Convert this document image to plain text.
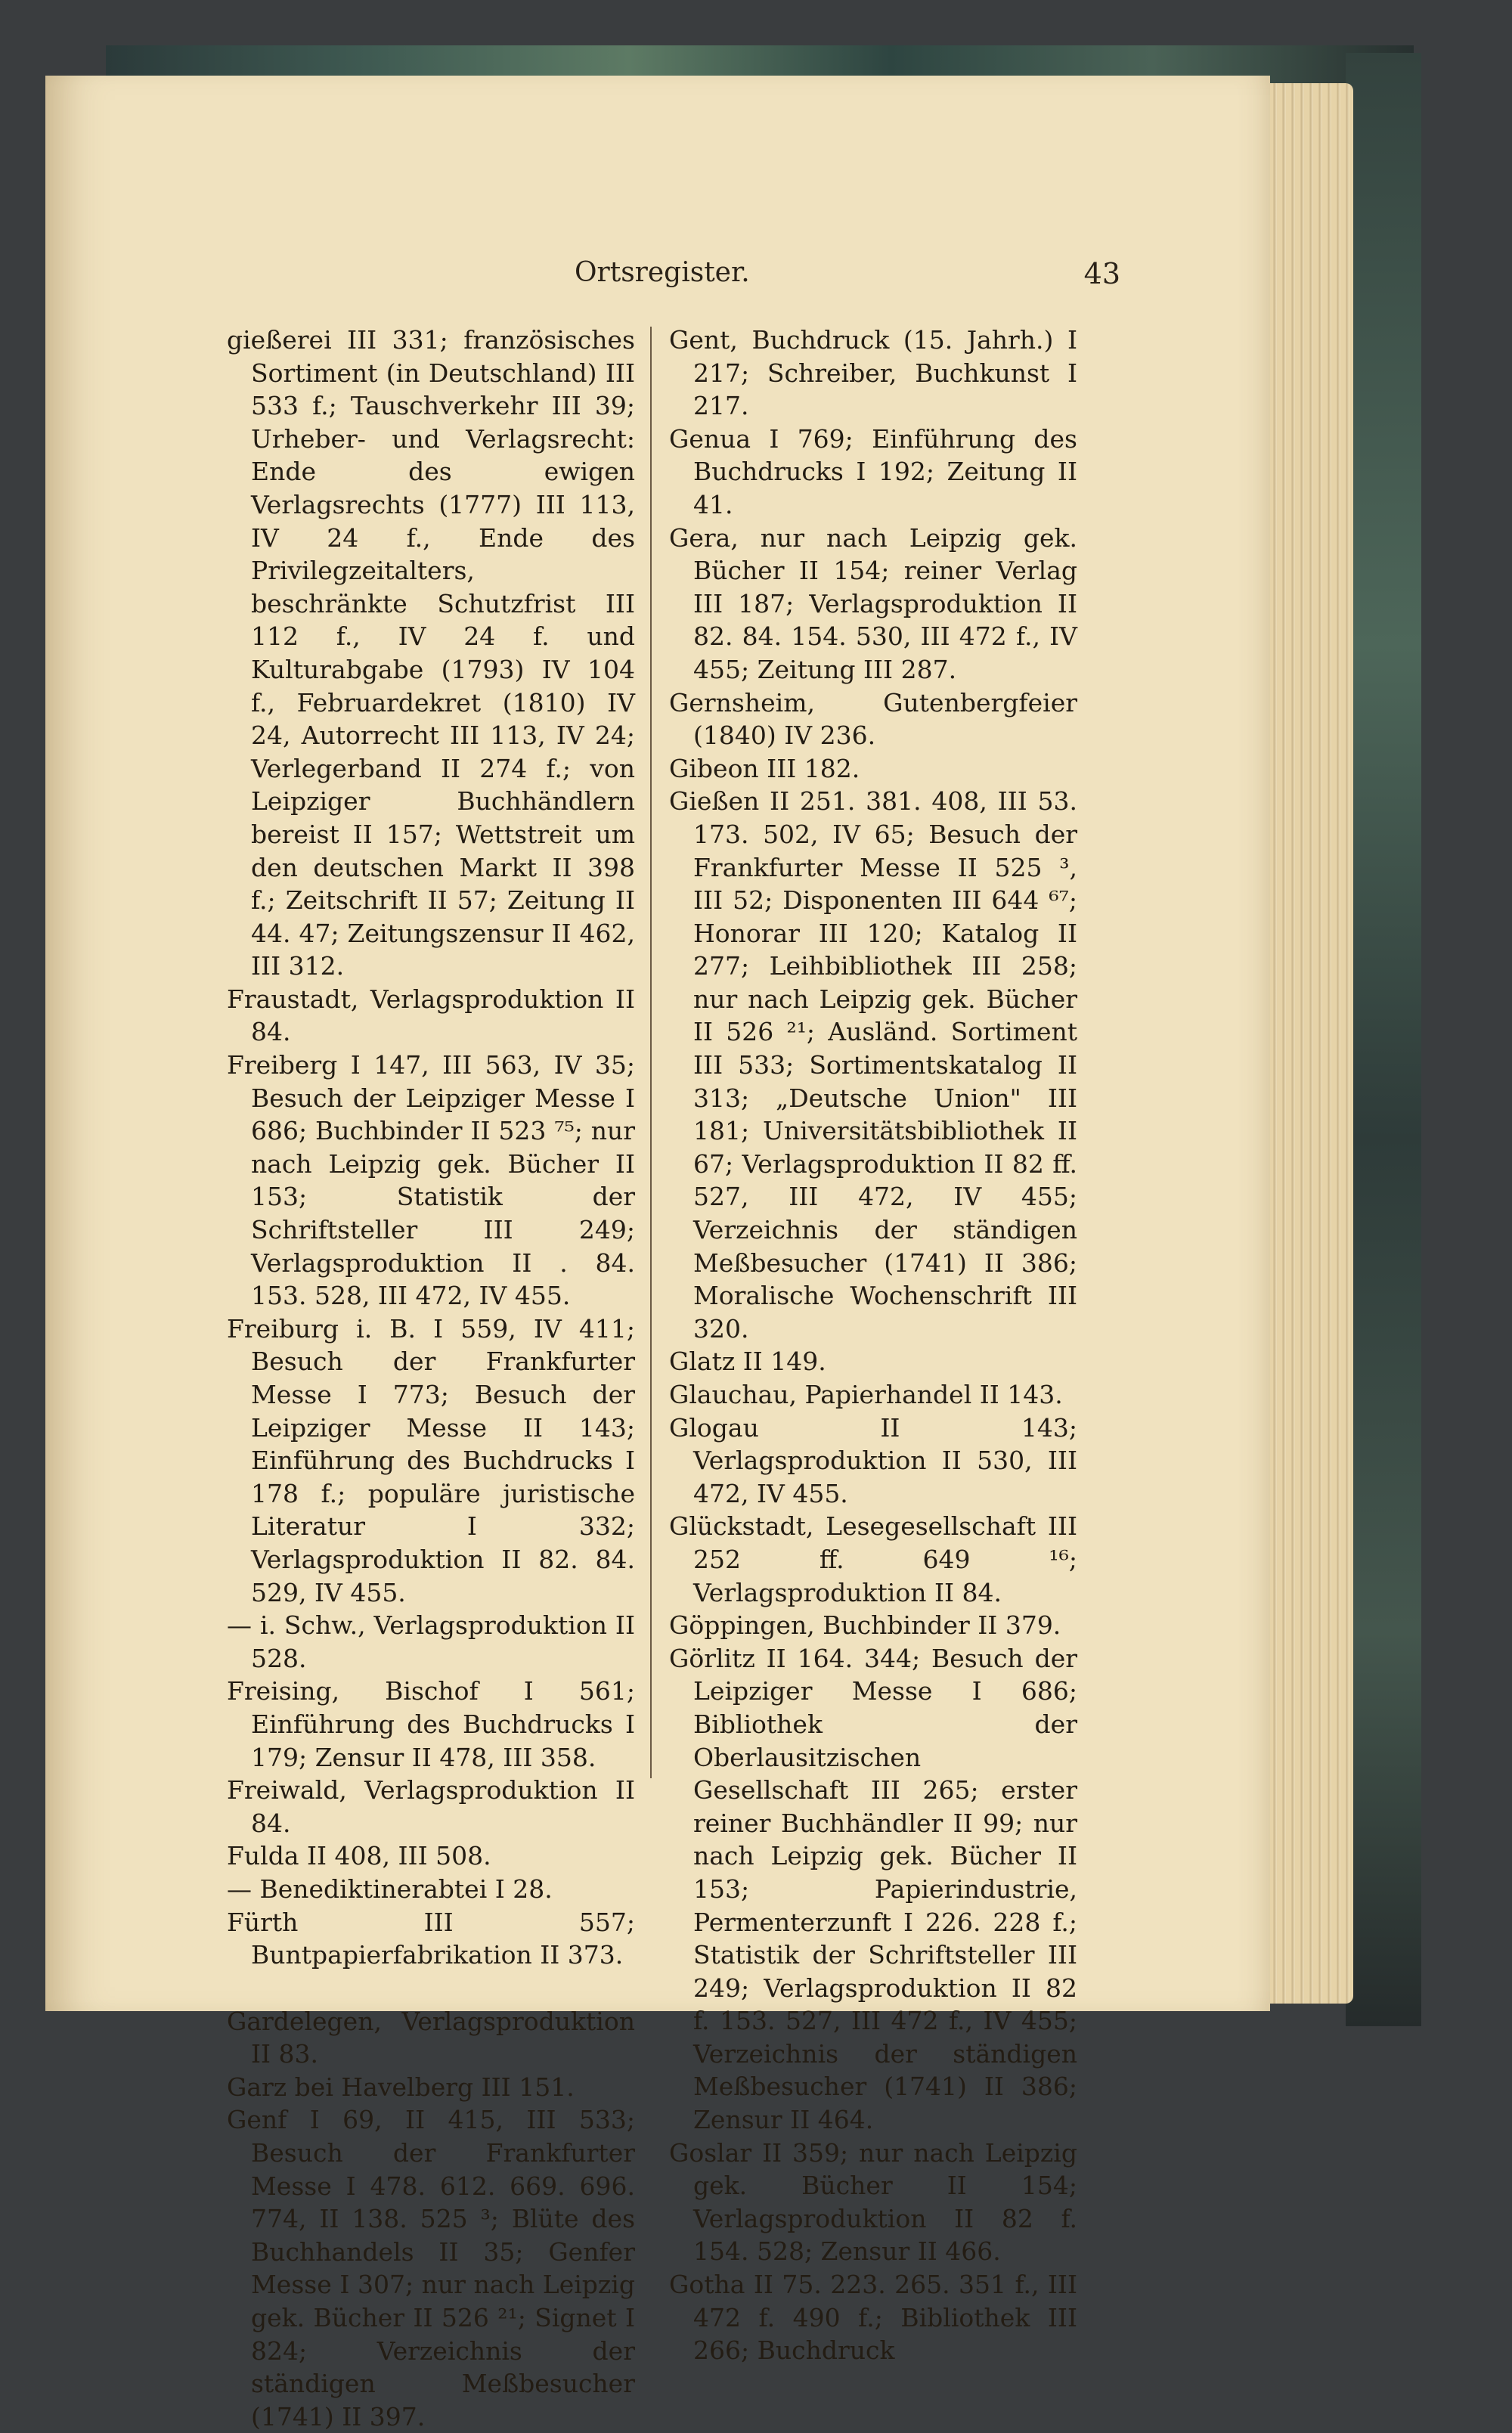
Ortsregister.	43

gießerei III 331; französisches Sortiment (in Deutschland) III 533 f.; Tauschverkehr III 39; Urheber- und Verlagsrecht: Ende des ewigen Verlagsrechts (1777) III 113, IV 24 f., Ende des Privilegzeitalters, beschränkte Schutzfrist III 112 f., IV 24 f. und Kulturabgabe (1793) IV 104 f., Februardekret (1810) IV 24, Autorrecht III 113, IV 24; Verlegerband II 274 f.; von Leipziger Buchhändlern bereist II 157; Wettstreit um den deutschen Markt II 398 f.; Zeitschrift II 57; Zeitung II 44. 47; Zeitungszensur II 462, III 312.

Fraustadt, Verlagsproduktion II 84.

Freiberg I 147, III 563, IV 35; Besuch der Leipziger Messe I 686; Buchbinder II 523 ⁷⁵; nur nach Leipzig gek. Bücher II 153; Statistik der Schriftsteller III 249; Verlagsproduktion II . 84. 153. 528, III 472, IV 455.

Freiburg i. B. I 559, IV 411; Besuch der Frankfurter Messe I 773; Besuch der Leipziger Messe II 143; Einführung des Buchdrucks I 178 f.; populäre juristische Literatur I 332; Verlagsproduktion II 82. 84. 529, IV 455.

— i. Schw., Verlagsproduktion II 528.

Freising, Bischof I 561; Einführung des Buchdrucks I 179; Zensur II 478, III 358.

Freiwald, Verlagsproduktion II 84.

Fulda II 408, III 508.

— Benediktinerabtei I 28.

Fürth III 557; Buntpapierfabrikation II 373.

Gardelegen, Verlagsproduktion II 83.

Garz bei Havelberg III 151.

Genf I 69, II 415, III 533; Besuch der Frankfurter Messe I 478. 612. 669. 696. 774, II 138. 525 ³; Blüte des Buchhandels II 35; Genfer Messe I 307; nur nach Leipzig gek. Bücher II 526 ²¹; Signet I 824; Verzeichnis der ständigen Meßbesucher (1741) II 397.

Gent, Buchdruck (15. Jahrh.) I 217; Schreiber, Buchkunst I 217.

Genua I 769; Einführung des Buchdrucks I 192; Zeitung II 41.

Gera, nur nach Leipzig gek. Bücher II 154; reiner Verlag III 187; Verlagsproduktion II 82. 84. 154. 530, III 472 f., IV 455; Zeitung III 287.

Gernsheim, Gutenbergfeier (1840) IV 236.

Gibeon III 182.

Gießen II 251. 381. 408, III 53. 173. 502, IV 65; Besuch der Frankfurter Messe II 525 ³, III 52; Disponenten III 644 ⁶⁷; Honorar III 120; Katalog II 277; Leihbibliothek III 258; nur nach Leipzig gek. Bücher II 526 ²¹; Ausländ. Sortiment III 533; Sortimentskatalog II 313; „Deutsche Union" III 181; Universitätsbibliothek II 67; Verlagsproduktion II 82 ff. 527, III 472, IV 455; Verzeichnis der ständigen Meßbesucher (1741) II 386; Moralische Wochenschrift III 320.

Glatz II 149.

Glauchau, Papierhandel II 143.

Glogau II 143; Verlagsproduktion II 530, III 472, IV 455.

Glückstadt, Lesegesellschaft III 252 ff. 649 ¹⁶; Verlagsproduktion II 84.

Göppingen, Buchbinder II 379.

Görlitz II 164. 344; Besuch der Leipziger Messe I 686; Bibliothek der Oberlausitzischen Gesellschaft III 265; erster reiner Buchhändler II 99; nur nach Leipzig gek. Bücher II 153; Papierindustrie, Permenterzunft I 226. 228 f.; Statistik der Schriftsteller III 249; Verlagsproduktion II 82 f. 153. 527, III 472 f., IV 455; Verzeichnis der ständigen Meßbesucher (1741) II 386; Zensur II 464.

Goslar II 359; nur nach Leipzig gek. Bücher II 154; Verlagsproduktion II 82 f. 154. 528; Zensur II 466.

Gotha II 75. 223. 265. 351 f., III 472 f. 490 f.; Bibliothek III 266; Buchdruck
